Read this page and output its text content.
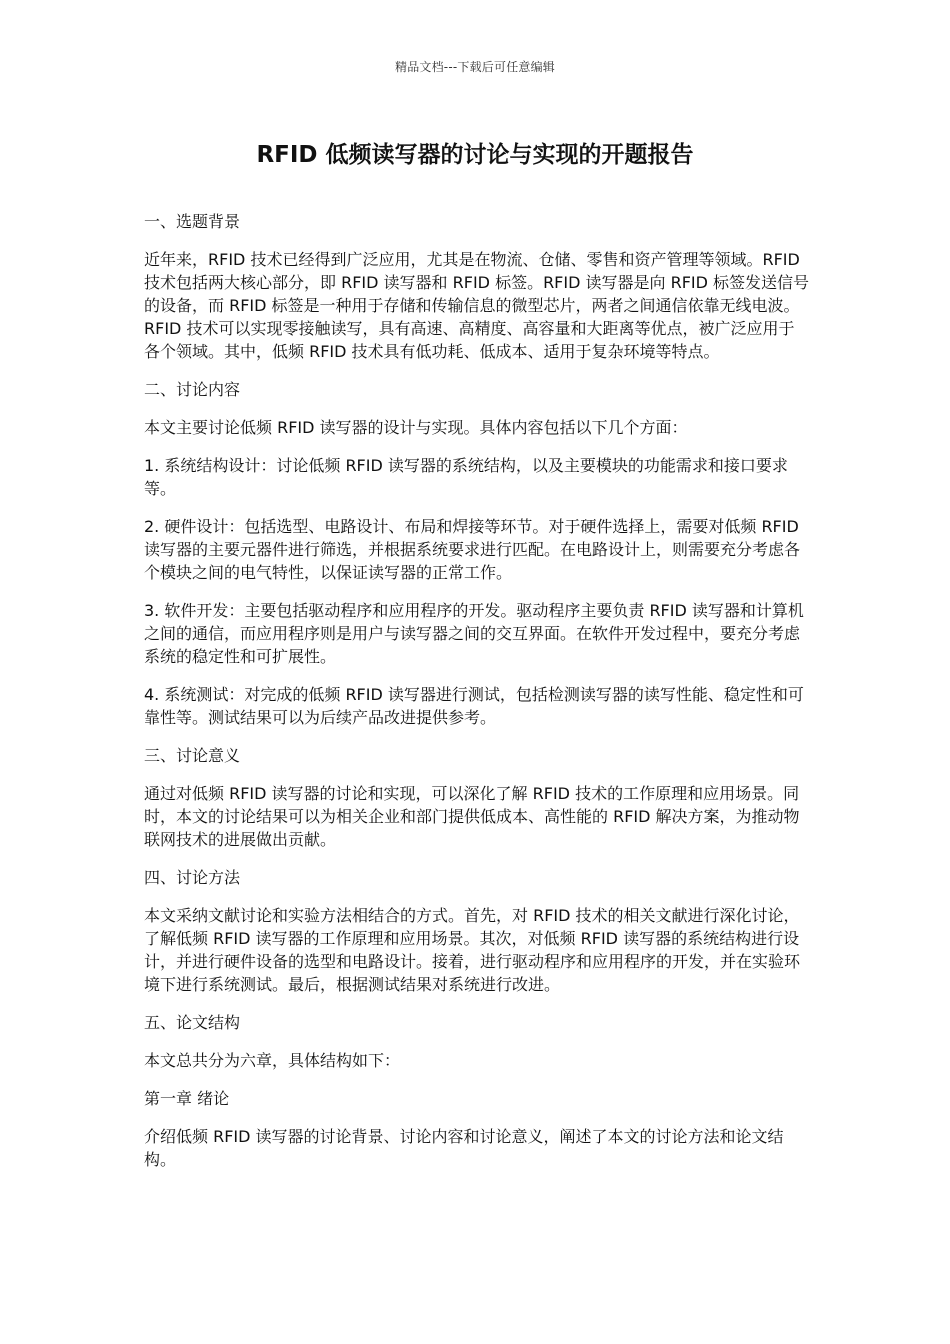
精品文档---下载后可任意编辑
RFID 低频读写器的讨论与实现的开题报告

一、选题背景

近年来，RFID 技术已经得到广泛应用，尤其是在物流、仓储、零售和资产管理等领域。RFID 技术包括两大核心部分，即 RFID 读写器和 RFID 标签。RFID 读写器是向 RFID 标签发送信号的设备，而 RFID 标签是一种用于存储和传输信息的微型芯片，两者之间通信依靠无线电波。RFID 技术可以实现零接触读写，具有高速、高精度、高容量和大距离等优点，被广泛应用于各个领域。其中，低频 RFID 技术具有低功耗、低成本、适用于复杂环境等特点。

二、讨论内容

本文主要讨论低频 RFID 读写器的设计与实现。具体内容包括以下几个方面：

1. 系统结构设计：讨论低频 RFID 读写器的系统结构，以及主要模块的功能需求和接口要求等。

2. 硬件设计：包括选型、电路设计、布局和焊接等环节。对于硬件选择上，需要对低频 RFID 读写器的主要元器件进行筛选，并根据系统要求进行匹配。在电路设计上，则需要充分考虑各个模块之间的电气特性，以保证读写器的正常工作。

3. 软件开发：主要包括驱动程序和应用程序的开发。驱动程序主要负责 RFID 读写器和计算机之间的通信，而应用程序则是用户与读写器之间的交互界面。在软件开发过程中，要充分考虑系统的稳定性和可扩展性。

4. 系统测试：对完成的低频 RFID 读写器进行测试，包括检测读写器的读写性能、稳定性和可靠性等。测试结果可以为后续产品改进提供参考。

三、讨论意义

通过对低频 RFID 读写器的讨论和实现，可以深化了解 RFID 技术的工作原理和应用场景。同时，本文的讨论结果可以为相关企业和部门提供低成本、高性能的 RFID 解决方案，为推动物联网技术的进展做出贡献。

四、讨论方法

本文采纳文献讨论和实验方法相结合的方式。首先，对 RFID 技术的相关文献进行深化讨论，了解低频 RFID 读写器的工作原理和应用场景。其次，对低频 RFID 读写器的系统结构进行设计，并进行硬件设备的选型和电路设计。接着，进行驱动程序和应用程序的开发，并在实验环境下进行系统测试。最后，根据测试结果对系统进行改进。

五、论文结构

本文总共分为六章，具体结构如下：

第一章 绪论

介绍低频 RFID 读写器的讨论背景、讨论内容和讨论意义，阐述了本文的讨论方法和论文结构。
